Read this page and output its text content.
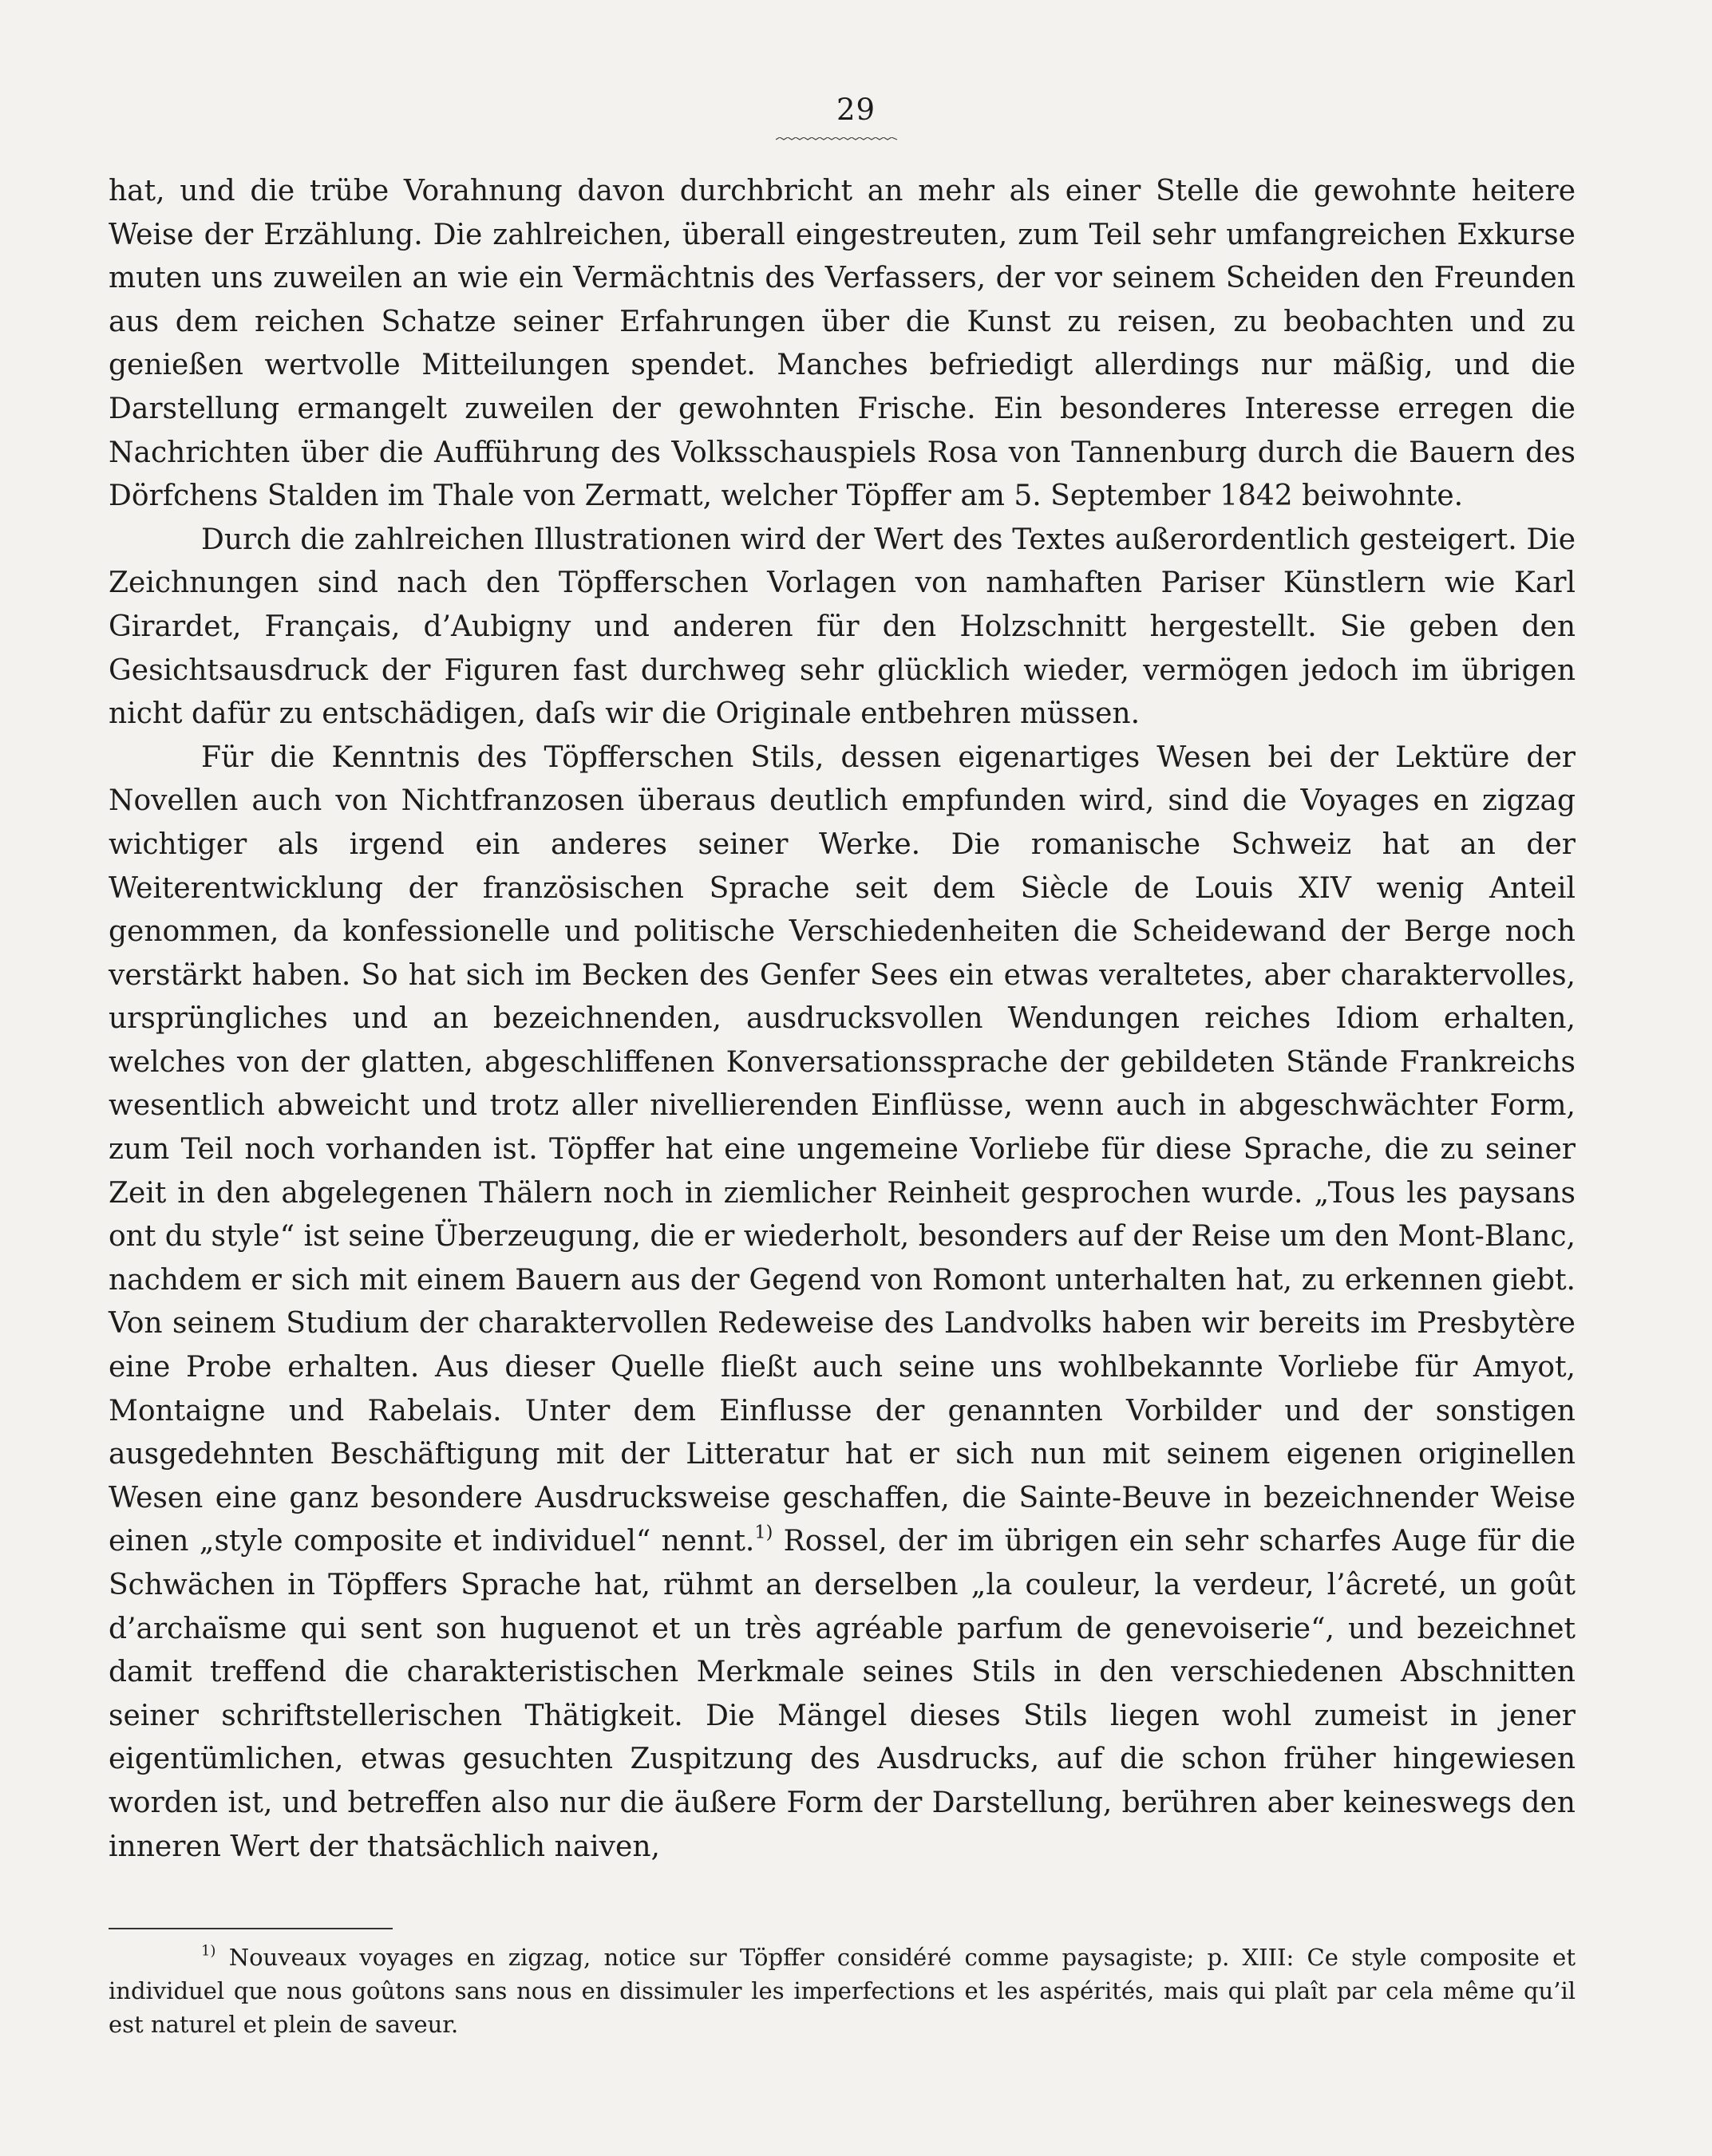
29

hat, und die trübe Vorahnung davon durchbricht an mehr als einer Stelle die gewohnte heitere Weise der Erzählung. Die zahlreichen, überall eingestreuten, zum Teil sehr umfangreichen Exkurse muten uns zuweilen an wie ein Vermächtnis des Verfassers, der vor seinem Scheiden den Freunden aus dem reichen Schatze seiner Erfahrungen über die Kunst zu reisen, zu beobachten und zu genießen wertvolle Mitteilungen spendet. Manches befriedigt allerdings nur mäßig, und die Darstellung ermangelt zuweilen der gewohnten Frische. Ein besonderes Interesse erregen die Nachrichten über die Aufführung des Volksschauspiels Rosa von Tannenburg durch die Bauern des Dörfchens Stalden im Thale von Zermatt, welcher Töpffer am 5. September 1842 beiwohnte.

Durch die zahlreichen Illustrationen wird der Wert des Textes außerordentlich gesteigert. Die Zeichnungen sind nach den Töpfferschen Vorlagen von namhaften Pariser Künstlern wie Karl Girardet, Français, d’Aubigny und anderen für den Holzschnitt hergestellt. Sie geben den Gesichtsausdruck der Figuren fast durchweg sehr glücklich wieder, vermögen jedoch im übrigen nicht dafür zu entschädigen, daſs wir die Originale entbehren müssen.

Für die Kenntnis des Töpfferschen Stils, dessen eigenartiges Wesen bei der Lektüre der Novellen auch von Nichtfranzosen überaus deutlich empfunden wird, sind die Voyages en zigzag wichtiger als irgend ein anderes seiner Werke. Die romanische Schweiz hat an der Weiterentwicklung der französischen Sprache seit dem Siècle de Louis XIV wenig Anteil genommen, da konfessionelle und politische Verschiedenheiten die Scheidewand der Berge noch verstärkt haben. So hat sich im Becken des Genfer Sees ein etwas veraltetes, aber charaktervolles, ursprüngliches und an bezeichnenden, ausdrucksvollen Wendungen reiches Idiom erhalten, welches von der glatten, abgeschliffenen Konversationssprache der gebildeten Stände Frankreichs wesentlich abweicht und trotz aller nivellierenden Einflüsse, wenn auch in abgeschwächter Form, zum Teil noch vorhanden ist. Töpffer hat eine ungemeine Vorliebe für diese Sprache, die zu seiner Zeit in den abgelegenen Thälern noch in ziemlicher Reinheit gesprochen wurde. „Tous les paysans ont du style“ ist seine Überzeugung, die er wiederholt, besonders auf der Reise um den Mont-Blanc, nachdem er sich mit einem Bauern aus der Gegend von Romont unterhalten hat, zu erkennen giebt. Von seinem Studium der charaktervollen Redeweise des Landvolks haben wir bereits im Presbytère eine Probe erhalten. Aus dieser Quelle fließt auch seine uns wohlbekannte Vorliebe für Amyot, Montaigne und Rabelais. Unter dem Einflusse der genannten Vorbilder und der sonstigen ausgedehnten Beschäftigung mit der Litteratur hat er sich nun mit seinem eigenen originellen Wesen eine ganz besondere Ausdrucksweise geschaffen, die Sainte-Beuve in bezeichnender Weise einen „style composite et individuel“ nennt.$^{1)}$ Rossel, der im übrigen ein sehr scharfes Auge für die Schwächen in Töpffers Sprache hat, rühmt an derselben „la couleur, la verdeur, l’âcreté, un goût d’archaïsme qui sent son huguenot et un très agréable parfum de genevoiserie“, und bezeichnet damit treffend die charakteristischen Merkmale seines Stils in den verschiedenen Abschnitten seiner schriftstellerischen Thätigkeit. Die Mängel dieses Stils liegen wohl zumeist in jener eigentümlichen, etwas gesuchten Zuspitzung des Ausdrucks, auf die schon früher hingewiesen worden ist, und betreffen also nur die äußere Form der Darstellung, berühren aber keineswegs den inneren Wert der thatsächlich naiven,

$^{1)}$ Nouveaux voyages en zigzag, notice sur Töpffer considéré comme paysagiste; p. XIII: Ce style composite et individuel que nous goûtons sans nous en dissimuler les imperfections et les aspérités, mais qui plaît par cela même qu’il est naturel et plein de saveur.
